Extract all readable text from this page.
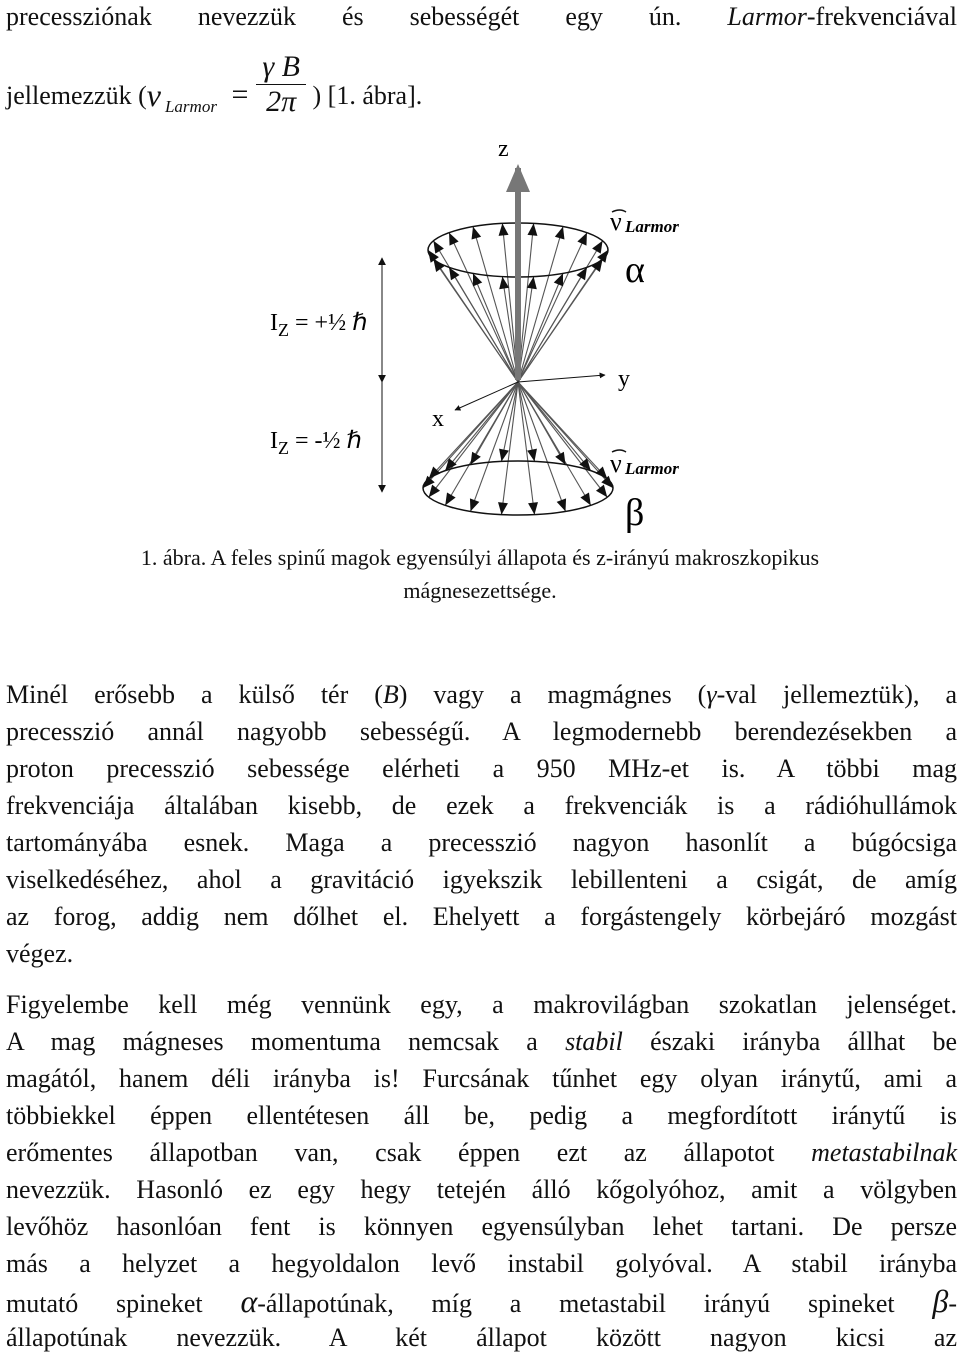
precessziónak nevezzük és sebességét egy ún. Larmor-frekvenciával
jellemezzük (ν $_{Larmor} = \frac{\text{γ B}}{2\pi}$ ) [1. ábra].
z
y
x
ν Larmor
α
ν Larmor
β
$I_Z$ = +½ ℏ
$I_Z$ = -½ ℏ
1. ábra. A feles spinű magok egyensúlyi állapota és z-irányú makroszkopikus
mágnesezettsége.
Minél erősebb a külső tér (B) vagy a magmágnes (γ-val jellemeztük), a
precesszió annál nagyobb sebességű. A legmodernebb berendezésekben a
proton precesszió sebessége elérheti a 950 MHz-et is. A többi mag
frekvenciája általában kisebb, de ezek a frekvenciák is a rádióhullámok
tartományába esnek. Maga a precesszió nagyon hasonlít a búgócsiga
viselkedéséhez, ahol a gravitáció igyekszik lebillenteni a csigát, de amíg
az forog, addig nem dőlhet el. Ehelyett a forgástengely körbejáró mozgást
végez.
Figyelembe kell még vennünk egy, a makrovilágban szokatlan jelenséget.
A mag mágneses momentuma nemcsak a stabil északi irányba állhat be
magától, hanem déli irányba is! Furcsának tűnhet egy olyan iránytű, ami a
többiekkel éppen ellentétesen áll be, pedig a megfordított iránytű is
erőmentes állapotban van, csak éppen ezt az állapotot metastabilnak
nevezzük. Hasonló ez egy hegy tetején álló kőgolyóhoz, amit a völgyben
levőhöz hasonlóan fent is könnyen egyensúlyban lehet tartani. De persze
más a helyzet a hegyoldalon levő instabil golyóval. A stabil irányba
mutató spineket α-állapotúnak, míg a metastabil irányú spineket β-
állapotúnak nevezzük. A két állapot között nagyon kicsi az
